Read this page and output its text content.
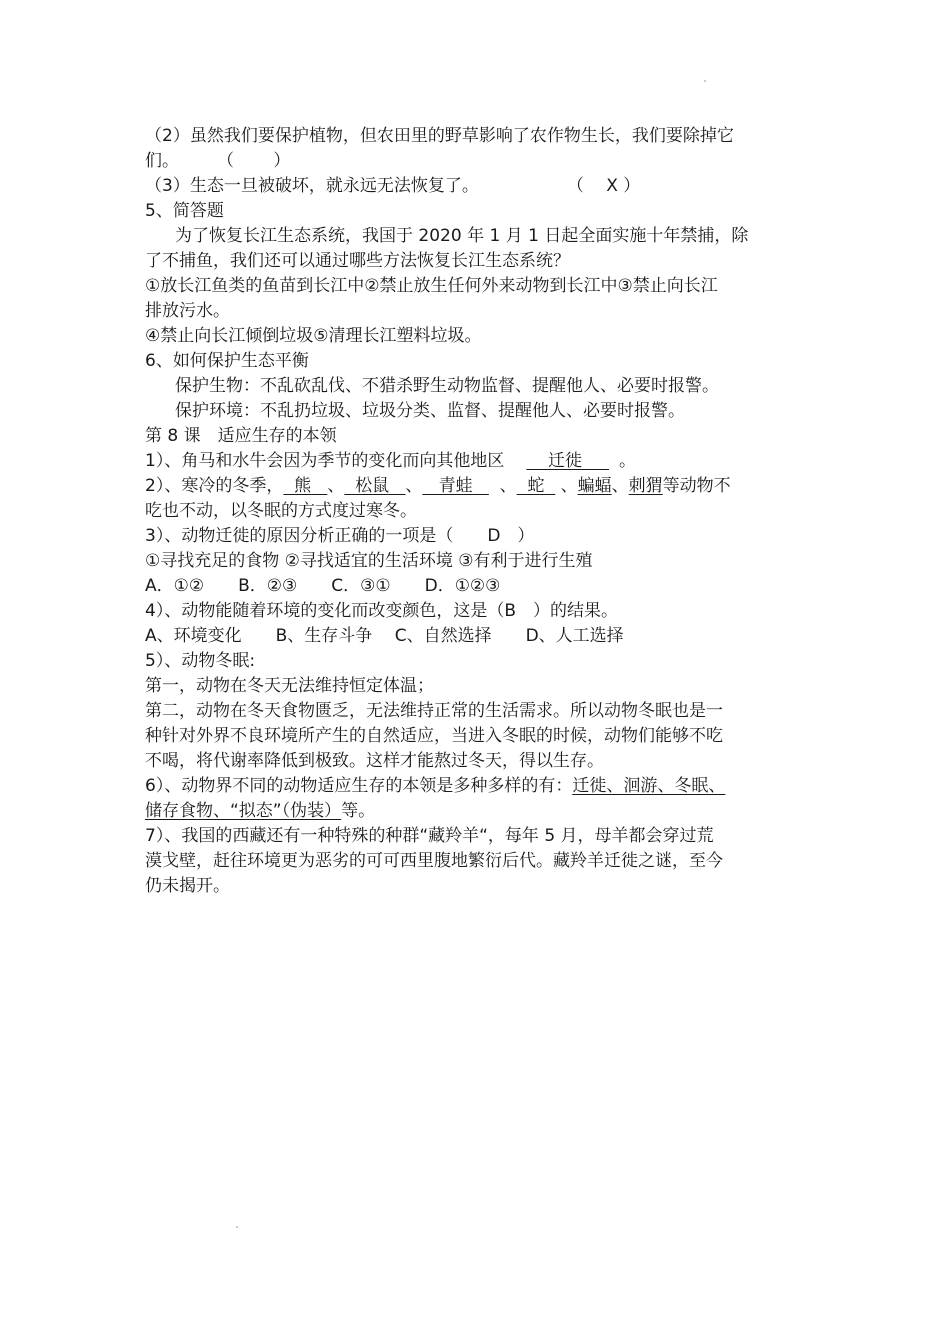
（2）虽然我们要保护植物，但农田里的野草影响了农作物生长，我们要除掉它
们。 （ 　　）
（3）生态一旦被破坏，就永远无法恢复了。	（ 　X ）
5、简答题
为了恢复长江生态系统，我国于 2020 年 1 月 1 日起全面实施十年禁捕，除
了不捕鱼，我们还可以通过哪些方法恢复长江生态系统？
①放长江鱼类的鱼苗到长江中②禁止放生任何外来动物到长江中③禁止向长江
排放污水。
④禁止向长江倾倒垃圾⑤清理长江塑料垃圾。
6、如何保护生态平衡
保护生物：不乱砍乱伐、不猎杀野生动物监督、提醒他人、必要时报警。
保护环境：不乱扔垃圾、垃圾分类、监督、提醒他人、必要时报警。
第 8 课　适应生存的本领
1）、角马和水牛会因为季节的变化而向其他地区	迁徙 。
2）、寒冷的冬季， 熊 、 松鼠 、 青蛙 、 蛇 、蝙蝠、刺猬等动物不
吃也不动，以冬眠的方式度过寒冬。
3）、动物迁徙的原因分析正确的一项是（　　D　）
①寻找充足的食物 ②寻找适宜的生活环境 ③有利于进行生殖
A．①②　　B．②③　　C．③①　　D．①②③
4）、动物能随着环境的变化而改变颜色，这是（B　）的结果。
A、环境变化　　B、生存斗争　 C、自然选择　　D、人工选择
5）、动物冬眠:
第一，动物在冬天无法维持恒定体温；
第二，动物在冬天食物匮乏，无法维持正常的生活需求。所以动物冬眠也是一
种针对外界不良环境所产生的自然适应，当进入冬眠的时候，动物们能够不吃
不喝，将代谢率降低到极致。这样才能熬过冬天，得以生存。
6）、动物界不同的动物适应生存的本领是多种多样的有：迁徙、洄游、冬眠、
储存食物、“拟态”（伪装）等。
7）、我国的西藏还有一种特殊的种群“藏羚羊“，每年 5 月，母羊都会穿过荒
漠戈壁，赶往环境更为恶劣的可可西里腹地繁衍后代。藏羚羊迁徙之谜，至今
仍未揭开。
